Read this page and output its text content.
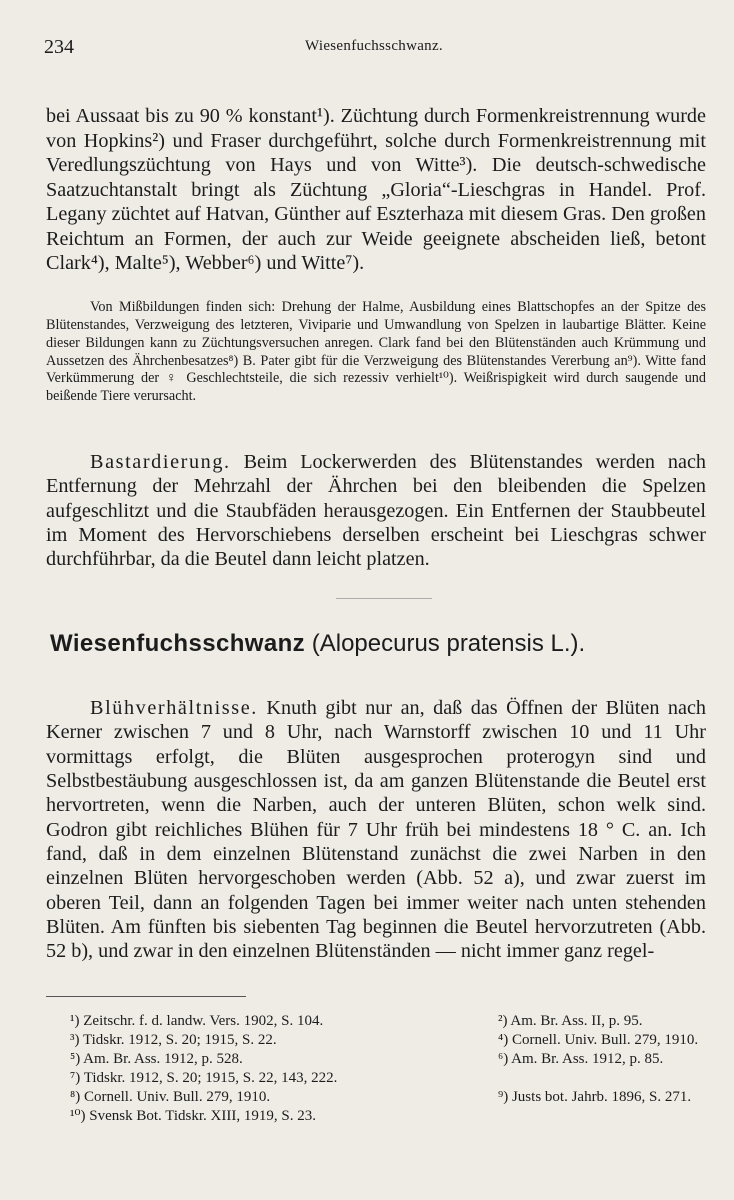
234	Wiesenfuchsschwanz.

bei Aussaat bis zu 90 % konstant¹). Züchtung durch Formenkreistrennung wurde von Hopkins²) und Fraser durchgeführt, solche durch Formenkreistrennung mit Veredlungszüchtung von Hays und von Witte³). Die deutsch-schwedische Saatzuchtanstalt bringt als Züchtung „Gloria“-Lieschgras in Handel. Prof. Legany züchtet auf Hatvan, Günther auf Eszterhaza mit diesem Gras. Den großen Reichtum an Formen, der auch zur Weide geeignete abscheiden ließ, betont Clark⁴), Malte⁵), Webber⁶) und Witte⁷).

Von Mißbildungen finden sich: Drehung der Halme, Ausbildung eines Blattschopfes an der Spitze des Blütenstandes, Verzweigung des letzteren, Viviparie und Umwandlung von Spelzen in laubartige Blätter. Keine dieser Bildungen kann zu Züchtungsversuchen anregen. Clark fand bei den Blütenständen auch Krümmung und Aussetzen des Ährchenbesatzes⁸) B. Pater gibt für die Verzweigung des Blütenstandes Vererbung an⁹). Witte fand Verkümmerung der ♀ Geschlechtsteile, die sich rezessiv verhielt¹⁰). Weißrispigkeit wird durch saugende und beißende Tiere verursacht.

Bastardierung. Beim Lockerwerden des Blütenstandes werden nach Entfernung der Mehrzahl der Ährchen bei den bleibenden die Spelzen aufgeschlitzt und die Staubfäden herausgezogen. Ein Entfernen der Staubbeutel im Moment des Hervorschiebens derselben erscheint bei Lieschgras schwer durchführbar, da die Beutel dann leicht platzen.

Wiesenfuchsschwanz (Alopecurus pratensis L.).

Blühverhältnisse. Knuth gibt nur an, daß das Öffnen der Blüten nach Kerner zwischen 7 und 8 Uhr, nach Warnstorff zwischen 10 und 11 Uhr vormittags erfolgt, die Blüten ausgesprochen proterogyn sind und Selbstbestäubung ausgeschlossen ist, da am ganzen Blütenstande die Beutel erst hervortreten, wenn die Narben, auch der unteren Blüten, schon welk sind. Godron gibt reichliches Blühen für 7 Uhr früh bei mindestens 18 ° C. an. Ich fand, daß in dem einzelnen Blütenstand zunächst die zwei Narben in den einzelnen Blüten hervorgeschoben werden (Abb. 52 a), und zwar zuerst im oberen Teil, dann an folgenden Tagen bei immer weiter nach unten stehenden Blüten. Am fünften bis siebenten Tag beginnen die Beutel hervorzutreten (Abb. 52 b), und zwar in den einzelnen Blütenständen — nicht immer ganz regel-

¹) Zeitschr. f. d. landw. Vers. 1902, S. 104.	²) Am. Br. Ass. II, p. 95.
³) Tidskr. 1912, S. 20; 1915, S. 22.	⁴) Cornell. Univ. Bull. 279, 1910.
⁵) Am. Br. Ass. 1912, p. 528.	⁶) Am. Br. Ass. 1912, p. 85.
⁷) Tidskr. 1912, S. 20; 1915, S. 22, 143, 222.
⁸) Cornell. Univ. Bull. 279, 1910.	⁹) Justs bot. Jahrb. 1896, S. 271.
¹⁰) Svensk Bot. Tidskr. XIII, 1919, S. 23.
